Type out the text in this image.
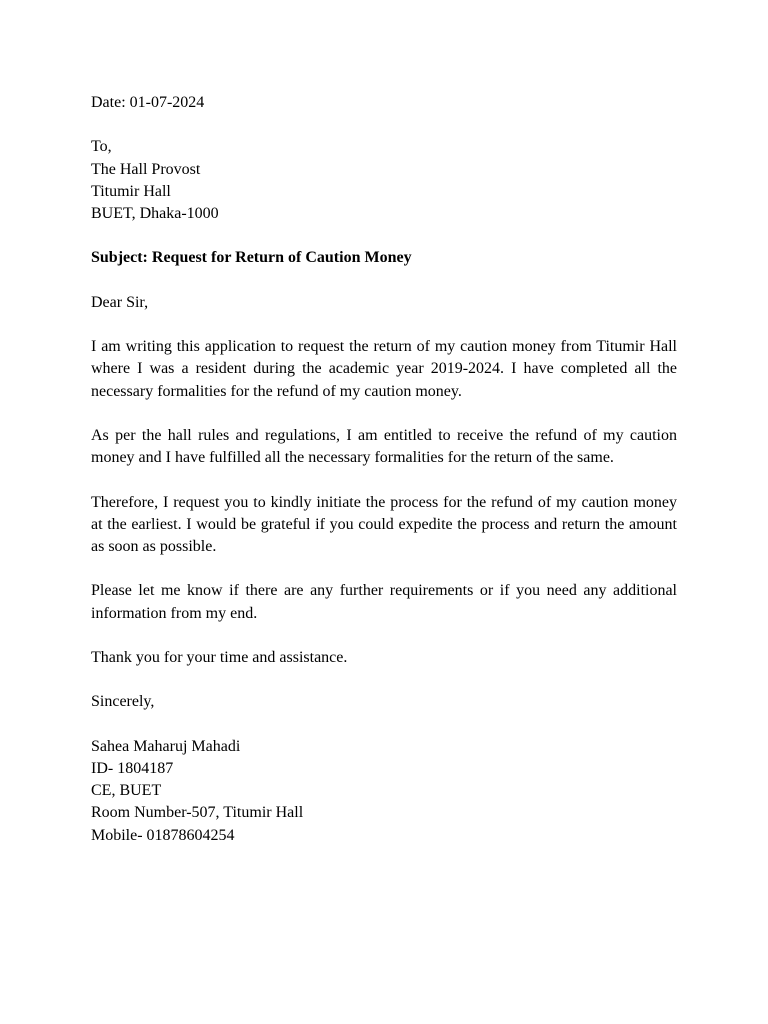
Date: 01-07-2024
To,
The Hall Provost
Titumir Hall
BUET, Dhaka-1000
Subject: Request for Return of Caution Money
Dear Sir,
I am writing this application to request the return of my caution money from Titumir Hall where I was a resident during the academic year 2019-2024. I have completed all the necessary formalities for the refund of my caution money.
As per the hall rules and regulations, I am entitled to receive the refund of my caution money and I have fulfilled all the necessary formalities for the return of the same.
Therefore, I request you to kindly initiate the process for the refund of my caution money at the earliest. I would be grateful if you could expedite the process and return the amount as soon as possible.
Please let me know if there are any further requirements or if you need any additional information from my end.
Thank you for your time and assistance.
Sincerely,
Sahea Maharuj Mahadi
ID- 1804187
CE, BUET
Room Number-507, Titumir Hall
Mobile- 01878604254
